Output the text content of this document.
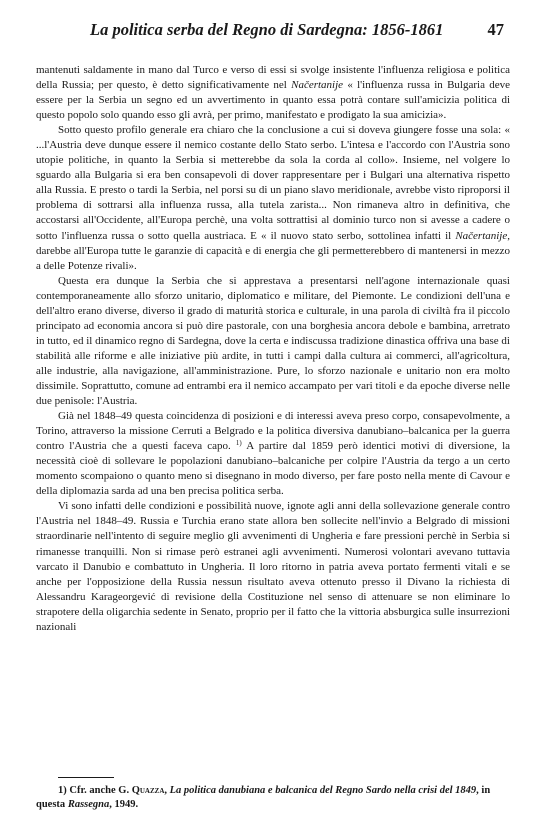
La politica serba del Regno di Sardegna: 1856-1861	47

mantenuti saldamente in mano dal Turco e verso di essi si svolge insistente l'influenza religiosa e politica della Russia; per questo, è detto significativamente nel Načertanije « l'influenza russa in Bulgaria deve essere per la Serbia un segno ed un avvertimento in quanto essa potrà contare sull'amicizia politica di questo popolo solo quando esso gli avrà, per primo, manifestato e prodigato la sua amicizia».

Sotto questo profilo generale era chiaro che la conclusione a cui si doveva giungere fosse una sola: « ...l'Austria deve dunque essere il nemico costante dello Stato serbo. L'intesa e l'accordo con l'Austria sono utopie politiche, in quanto la Serbia si metterebbe da sola la corda al collo». Insieme, nel volgere lo sguardo alla Bulgaria si era ben consapevoli di dover rappresentare per i Bulgari una alternativa rispetto alla Russia. E presto o tardi la Serbia, nel porsi su di un piano slavo meridionale, avrebbe visto riproporsi il problema di sottrarsi alla influenza russa, alla tutela zarista... Non rimaneva altro in definitiva, che accostarsi all'Occidente, all'Europa perchè, una volta sottrattisi al dominio turco non si avesse a cadere o sotto l'influenza russa o sotto quella austriaca. E « il nuovo stato serbo, sottolinea infatti il Načertanije, darebbe all'Europa tutte le garanzie di capacità e di energia che gli permetterebbero di mantenersi in mezzo a delle Potenze rivali».

Questa era dunque la Serbia che si apprestava a presentarsi nell'agone internazionale quasi contemporaneamente allo sforzo unitario, diplomatico e militare, del Piemonte. Le condizioni dell'una e dell'altro erano diverse, diverso il grado di maturità storica e culturale, in una parola di civiltà fra il piccolo principato ad economia ancora si può dire pastorale, con una borghesia ancora debole e bambina, arretrato in tutto, ed il dinamico regno di Sardegna, dove la certa e indiscussa tradizione dinastica offriva una base di stabilità alle riforme e alle iniziative più ardite, in tutti i campi dalla cultura ai commerci, all'agricoltura, alle industrie, alla navigazione, all'amministrazione. Pure, lo sforzo nazionale e unitario non era molto dissimile. Soprattutto, comune ad entrambi era il nemico accampato per vari titoli e da epoche diverse nelle due penisole: l'Austria.

Già nel 1848–49 questa coincidenza di posizioni e di interessi aveva preso corpo, consapevolmente, a Torino, attraverso la missione Cerruti a Belgrado e la politica diversiva danubiano–balcanica per la guerra contro l'Austria che a questi faceva capo. $^{1)}$ A partire dal 1859 però identici motivi di diversione, la necessità cioè di sollevare le popolazioni danubiano–balcaniche per colpire l'Austria da tergo a un certo momento scompaiono o quanto meno si disegnano in modo diverso, per fare posto nella mente di Cavour e della diplomazia sarda ad una ben precisa politica serba.

Vi sono infatti delle condizioni e possibilità nuove, ignote agli anni della sollevazione generale contro l'Austria nel 1848–49. Russia e Turchia erano state allora ben sollecite nell'invio a Belgrado di missioni straordinarie nell'intento di seguire meglio gli avvenimenti di Ungheria e fare pressioni perchè in Serbia si rimanesse tranquilli. Non si rimase però estranei agli avvenimenti. Numerosi volontari avevano tuttavia varcato il Danubio e combattuto in Ungheria. Il loro ritorno in patria aveva portato fermenti vitali e se anche per l'opposizione della Russia nessun risultato aveva ottenuto presso il Divano la richiesta di Alessandru Karageorgević di revisione della Costituzione nel senso di attenuare se non eliminare lo strapotere della oligarchia sedente in Senato, proprio per il fatto che la vittoria absburgica sulle insurrezioni nazionali

1) Cfr. anche G. Quazza, La politica danubiana e balcanica del Regno Sardo nella crisi del 1849, in questa Rassegna, 1949.
